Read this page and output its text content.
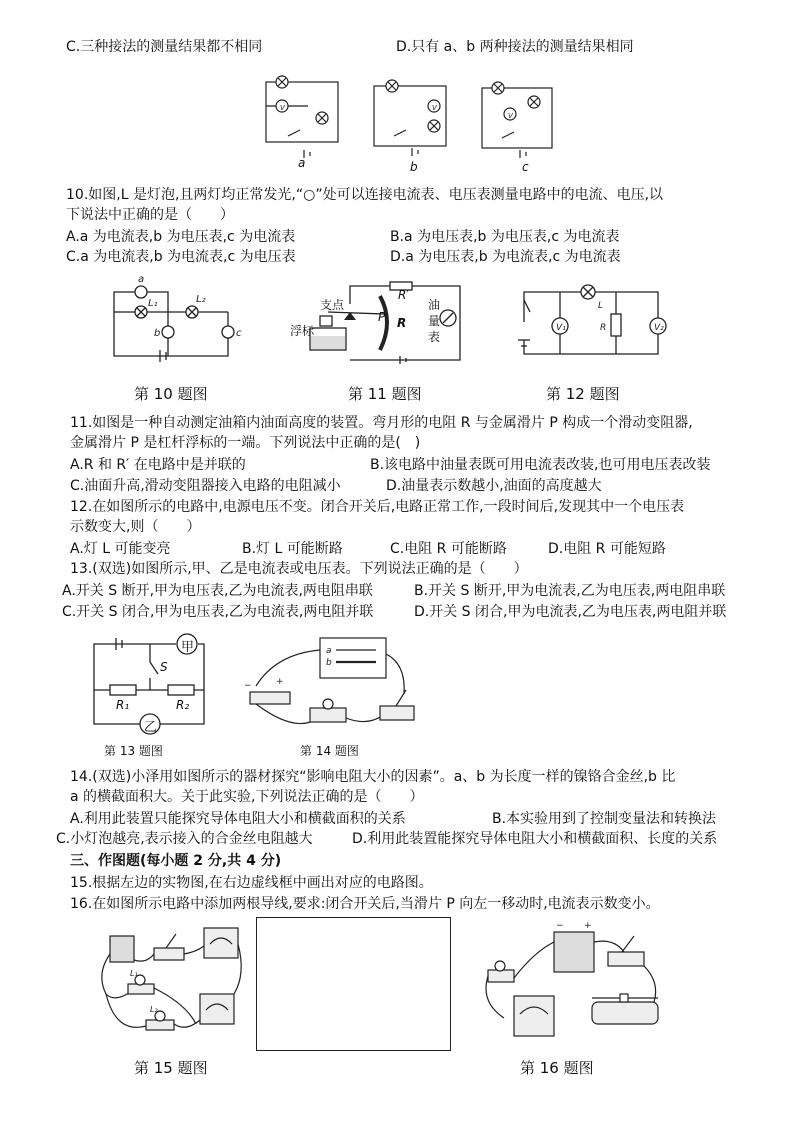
C.三种接法的测量结果都不相同	D.只有 a、b 两种接法的测量结果相同
V	V
V
a	b	c
10.如图,L 是灯泡,且两灯均正常发光,“○”处可以连接电流表、电压表测量电路中的电流、电压,以
下说法中正确的是（　　）
A.a 为电流表,b 为电压表,c 为电流表	B.a 为电压表,b 为电压表,c 为电流表
C.a 为电流表,b 为电流表,c 为电压表	D.a 为电压表,b 为电流表,c 为电流表
a
L₁	L₂
b	c
支点
浮标
油
量
表
R
R′
P
V₁	V₂
L
R
第 10 题图	第 11 题图	第 12 题图
11.如图是一种自动测定油箱内油面高度的装置。弯月形的电阻 R 与金属滑片 P 构成一个滑动变阻器,
金属滑片 P 是杠杆浮标的一端。下列说法中正确的是(　)
A.R 和 R′ 在电路中是并联的	B.该电路中油量表既可用电流表改装,也可用电压表改装
C.油面升高,滑动变阻器接入电路的电阻减小	D.油量表示数越小,油面的高度越大
12.在如图所示的电路中,电源电压不变。闭合开关后,电路正常工作,一段时间后,发现其中一个电压表
示数变大,则（　　）
A.灯 L 可能变亮	B.灯 L 可能断路	C.电阻 R 可能断路	D.电阻 R 可能短路
13.(双选)如图所示,甲、乙是电流表或电压表。下列说法正确的是（　　）
A.开关 S 断开,甲为电压表,乙为电流表,两电阻串联	B.开关 S 断开,甲为电流表,乙为电压表,两电阻串联
C.开关 S 闭合,甲为电压表,乙为电流表,两电阻并联	D.开关 S 闭合,甲为电流表,乙为电压表,两电阻并联
甲
乙
S
R₁	R₂
a
b
−	+
第 13 题图	第 14 题图
14.(双选)小泽用如图所示的器材探究“影响电阻大小的因素”。a、b 为长度一样的镍铬合金丝,b 比
a 的横截面积大。关于此实验,下列说法正确的是（　　）
A.利用此装置只能探究导体电阻大小和横截面积的关系	B.本实验用到了控制变量法和转换法
C.小灯泡越亮,表示接入的合金丝电阻越大	D.利用此装置能探究导体电阻大小和横截面积、长度的关系
三、作图题(每小题 2 分,共 4 分)
15.根据左边的实物图,在右边虚线框中画出对应的电路图。
16.在如图所示电路中添加两根导线,要求:闭合开关后,当滑片 P 向左一移动时,电流表示数变小。
L₁
L₂
− +
第 15 题图	第 16 题图
